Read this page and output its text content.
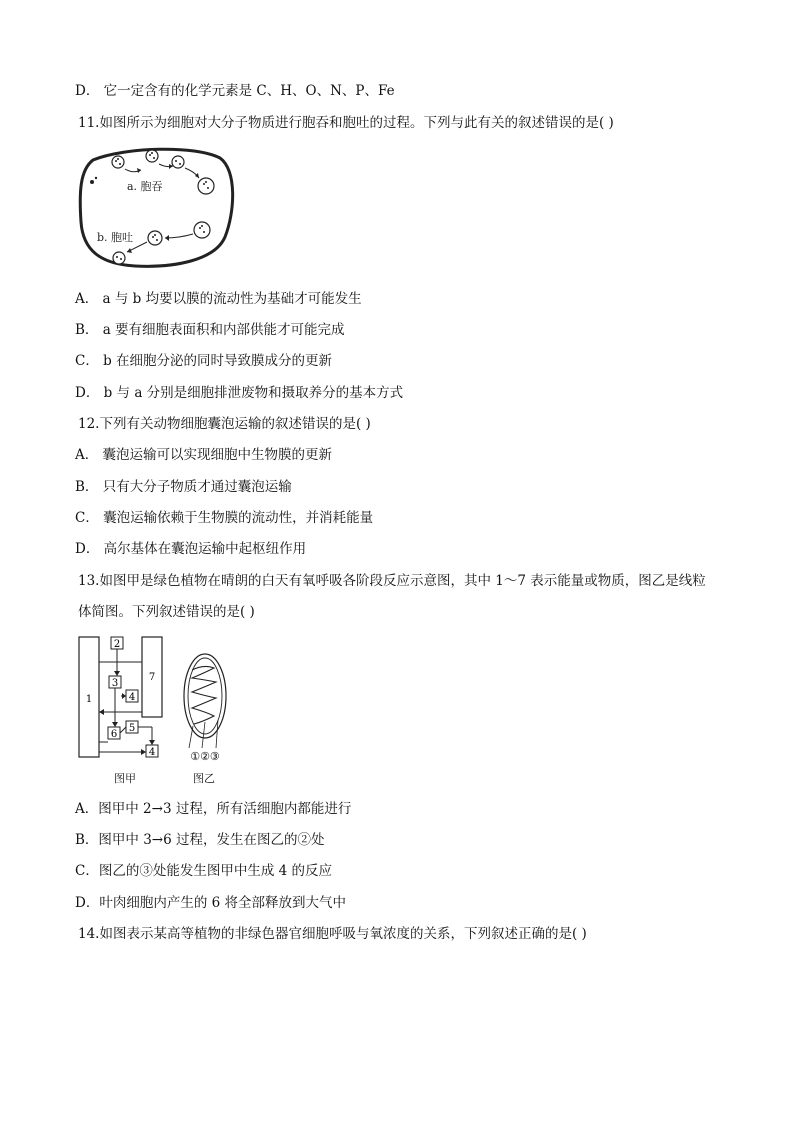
D． 它一定含有的化学元素是 C、H、O、N、P、Fe
11.如图所示为细胞对大分子物质进行胞吞和胞吐的过程。下列与此有关的叙述错误的是( )
a. 胞吞
b. 胞吐
A． a 与 b 均要以膜的流动性为基础才可能发生
B． a 要有细胞表面积和内部供能才可能完成
C． b 在细胞分泌的同时导致膜成分的更新
D． b 与 a 分别是细胞排泄废物和摄取养分的基本方式
12.下列有关动物细胞囊泡运输的叙述错误的是( )
A． 囊泡运输可以实现细胞中生物膜的更新
B． 只有大分子物质才通过囊泡运输
C． 囊泡运输依赖于生物膜的流动性，并消耗能量
D． 高尔基体在囊泡运输中起枢纽作用
13.如图甲是绿色植物在晴朗的白天有氧呼吸各阶段反应示意图，其中 1～7 表示能量或物质，图乙是线粒
体简图。下列叙述错误的是( )
1
7
2
3
4
5
6
4
图甲
①②③
图乙
A．图甲中 2→3 过程，所有活细胞内都能进行
B．图甲中 3→6 过程，发生在图乙的②处
C．图乙的③处能发生图甲中生成 4 的反应
D．叶肉细胞内产生的 6 将全部释放到大气中
14.如图表示某高等植物的非绿色器官细胞呼吸与氧浓度的关系，下列叙述正确的是( )
